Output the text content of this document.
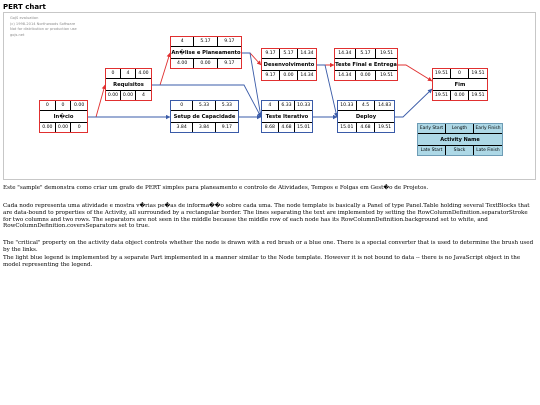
PERT chart
GoJS evaluation
(c) 1998-2014 Northwoods Software
Not for distribution or production use
gojs.net
0	0	0.00
In�cio
0.00	0.00	0
0	4	4.00
Requisitos
0.00	0.00	4
4	5.17	9.17
An�lise e Planeamento
4.00	0.00	9.17
0	5.33	5.33
Setup de Capacidade
3.84	3.84	9.17
9.17	5.17	14.34
Desenvolvimento
9.17	0.00	14.34
4	6.33	10.33
Teste Iterativo
8.68	4.68	15.01
14.34	5.17	19.51
Teste Final e Entrega
14.34	0.00	19.51
10.33	4.5	14.83
Deploy
15.01	4.68	19.51
19.51	0	19.51
Fim
19.51	0.00	19.51
Early Start	Length	Early Finish
Activity Name
Late Start	Slack	Late Finish

Este "sample" demonstra como criar um grafo de PERT simples para planeamento e controlo de Atividades, Tempos e Folgas em Gest�o de Projetos.

Cada nodo representa uma atividade e mostra v�rias pe�as de informa��o sobre cada uma. The node template is basically a Panel of type Panel.Table holding several TextBlocks that are data-bound to properties of the Activity, all surrounded by a rectangular border. The lines separating the text are implemented by setting the RowColumnDefinition.separatorStroke for two columns and two rows. The separators are not seen in the middle because the middle row of each node has its RowColumnDefinition.background set to white, and RowColumnDefinition.coversSeparators set to true.

The "critical" property on the activity data object controls whether the node is drawn with a red brush or a blue one. There is a special converter that is used to determine the brush used by the links.

The light blue legend is implemented by a separate Part implemented in a manner similar to the Node template. However it is not bound to data -- there is no JavaScript object in the model representing the legend.
